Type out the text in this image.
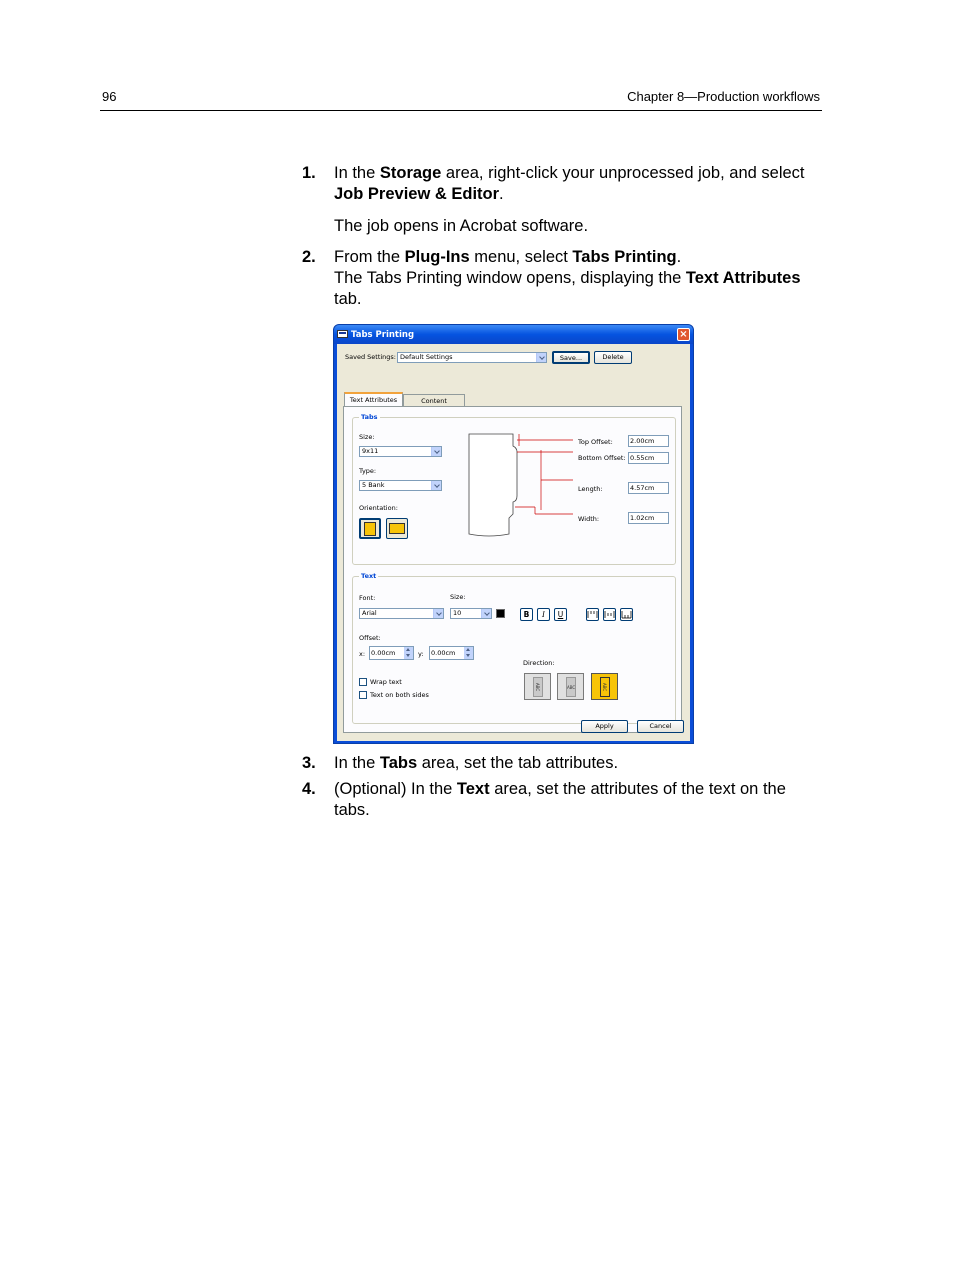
96	Chapter 8—Production workflows
1. In the Storage area, right-click your unprocessed job, and select Job Preview & Editor.
The job opens in Acrobat software.
2. From the Plug-Ins menu, select Tabs Printing.
The Tabs Printing window opens, displaying the Text Attributes tab.
Tabs Printing	×
Saved Settings: Default Settings	Save...	Delete
Text Attributes	Content
Tabs
Size:
9x11
Type:
5 Bank
Orientation:
Top Offset:	2.00cm
Bottom Offset: 0.55cm
Length:	4.57cm
Width:	1.02cm
Text
Font:
Arial
Size:
10	B	I	U
Offset:
x: 0.00cm	y:	0.00cm
Direction:
ABC	ABC	ABC
Wrap text
Text on both sides
Apply	Cancel
3. In the Tabs area, set the tab attributes.
4. (Optional) In the Text area, set the attributes of the text on the tabs.
